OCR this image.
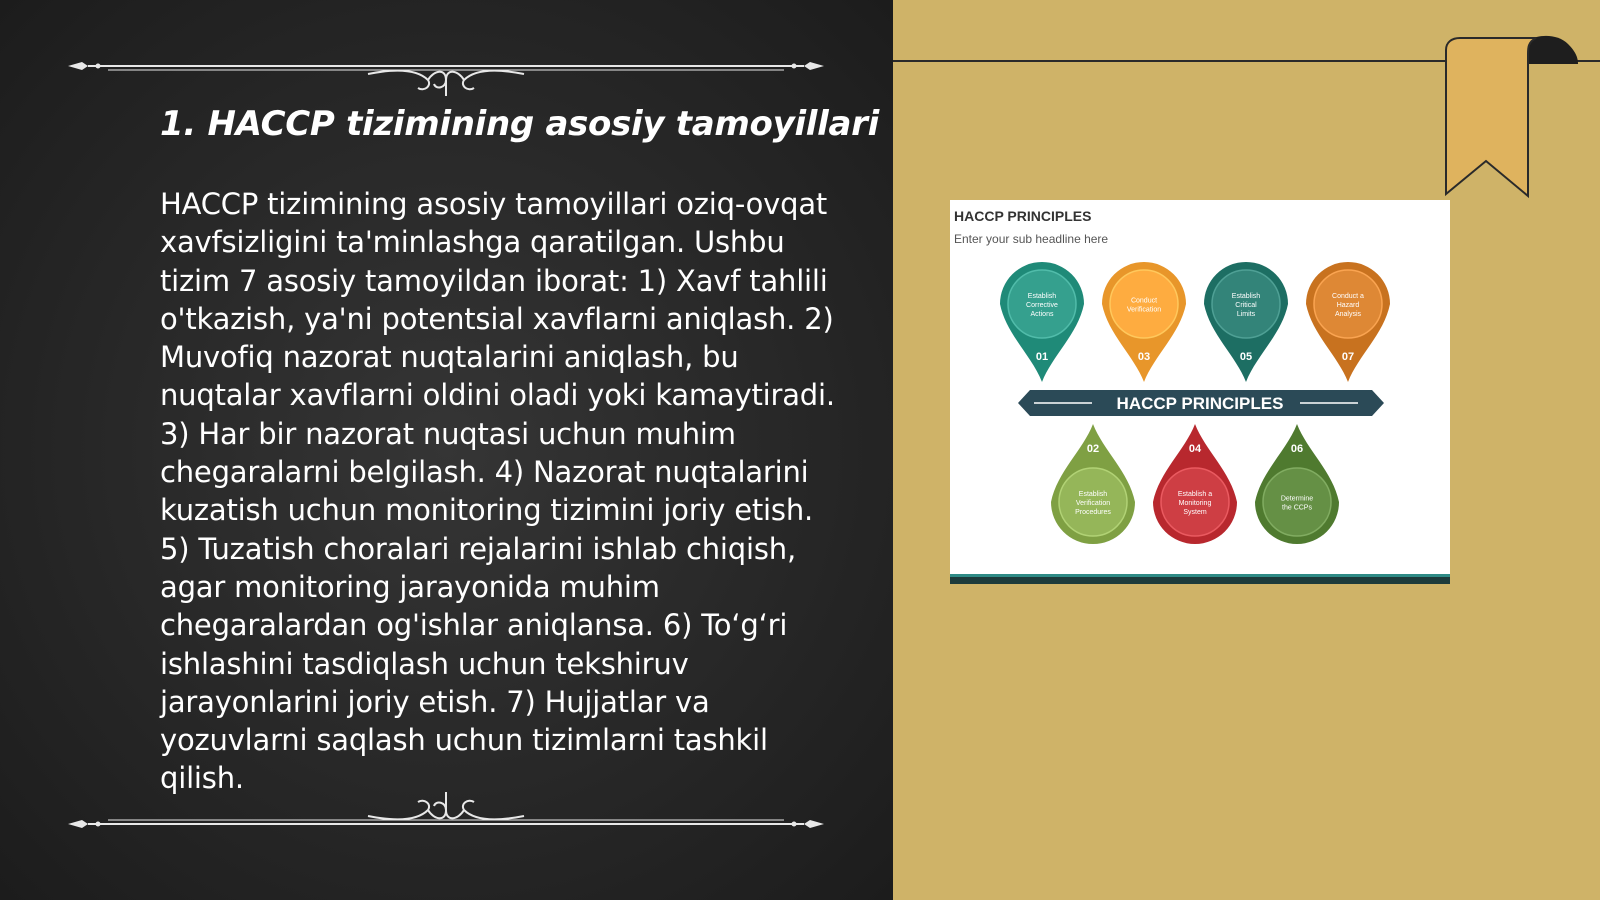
1. HACCP tizimining asosiy tamoyillari
HACCP tizimining asosiy tamoyillari oziq-ovqat xavfsizligini ta'minlashga qaratilgan. Ushbu tizim 7 asosiy tamoyildan iborat: 1) Xavf tahlili o'tkazish, ya'ni potentsial xavflarni aniqlash. 2) Muvofiq nazorat nuqtalarini aniqlash, bu nuqtalar xavflarni oldini oladi yoki kamaytiradi. 3) Har bir nazorat nuqtasi uchun muhim chegaralarni belgilash. 4) Nazorat nuqtalarini kuzatish uchun monitoring tizimini joriy etish. 5) Tuzatish choralari rejalarini ishlab chiqish, agar monitoring jarayonida muhim chegaralardan og'ishlar aniqlansa. 6) To‘g‘ri ishlashini tasdiqlash uchun tekshiruv jarayonlarini joriy etish. 7) Hujjatlar va yozuvlarni saqlash uchun tizimlarni tashkil qilish.
HACCP PRINCIPLES
Enter your sub headline here
HACCP PRINCIPLES
Establish Corrective Actions
01
Conduct Verification
03
Establish Critical Limits
05
Conduct a Hazard Analysis
07
Establish Verification Procedures
02
Establish a Monitoring System
04
Determine the CCPs
06
